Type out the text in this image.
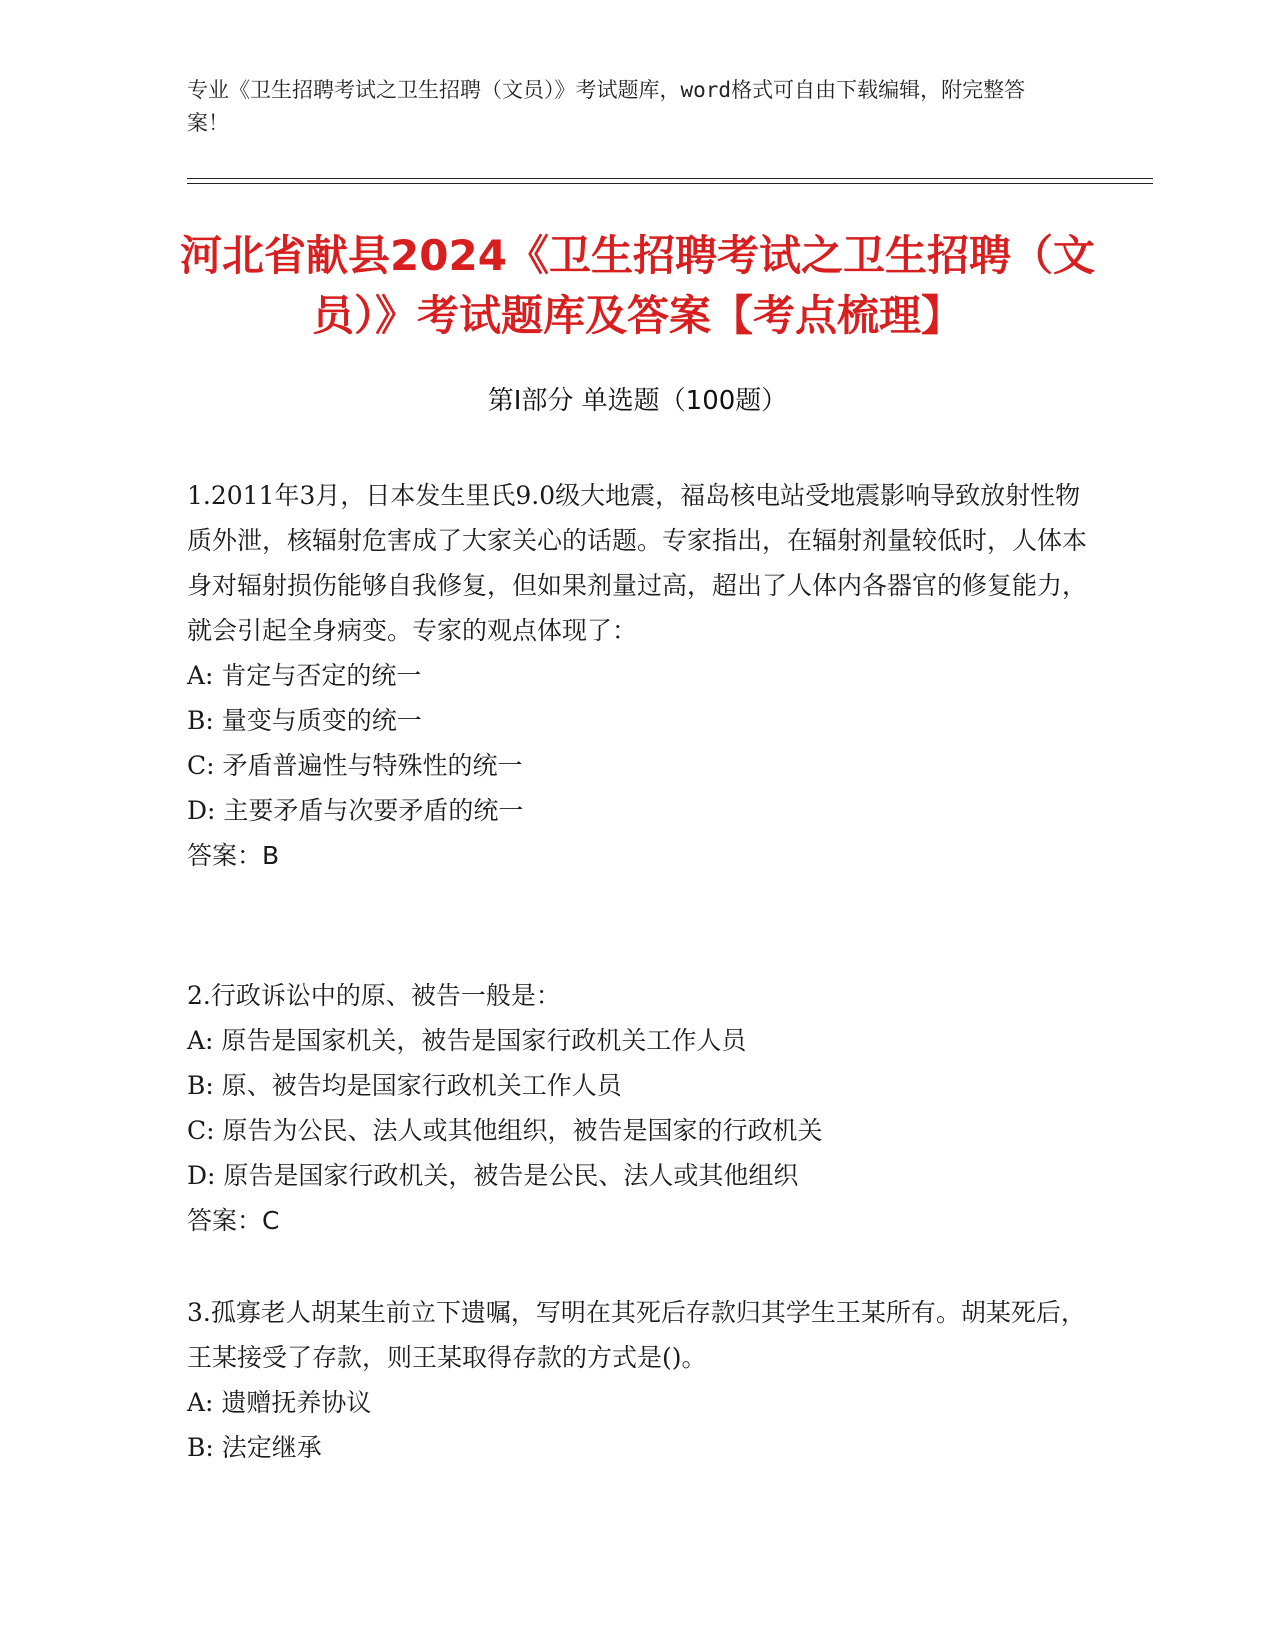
专业《卫生招聘考试之卫生招聘（文员）》考试题库，word格式可自由下载编辑，附完整答案！
河北省献县2024《卫生招聘考试之卫生招聘（文员）》考试题库及答案【考点梳理】
第Ⅰ部分 单选题（100题）
1.2011年3月，日本发生里氏9.0级大地震，福岛核电站受地震影响导致放射性物质外泄，核辐射危害成了大家关心的话题。专家指出，在辐射剂量较低时，人体本身对辐射损伤能够自我修复，但如果剂量过高，超出了人体内各器官的修复能力，就会引起全身病变。专家的观点体现了：
A: 肯定与否定的统一
B: 量变与质变的统一
C: 矛盾普遍性与特殊性的统一
D: 主要矛盾与次要矛盾的统一
答案：B
2.行政诉讼中的原、被告一般是：
A: 原告是国家机关，被告是国家行政机关工作人员
B: 原、被告均是国家行政机关工作人员
C: 原告为公民、法人或其他组织，被告是国家的行政机关
D: 原告是国家行政机关，被告是公民、法人或其他组织
答案：C
3.孤寡老人胡某生前立下遗嘱，写明在其死后存款归其学生王某所有。胡某死后，王某接受了存款，则王某取得存款的方式是()。
A: 遗赠抚养协议
B: 法定继承
